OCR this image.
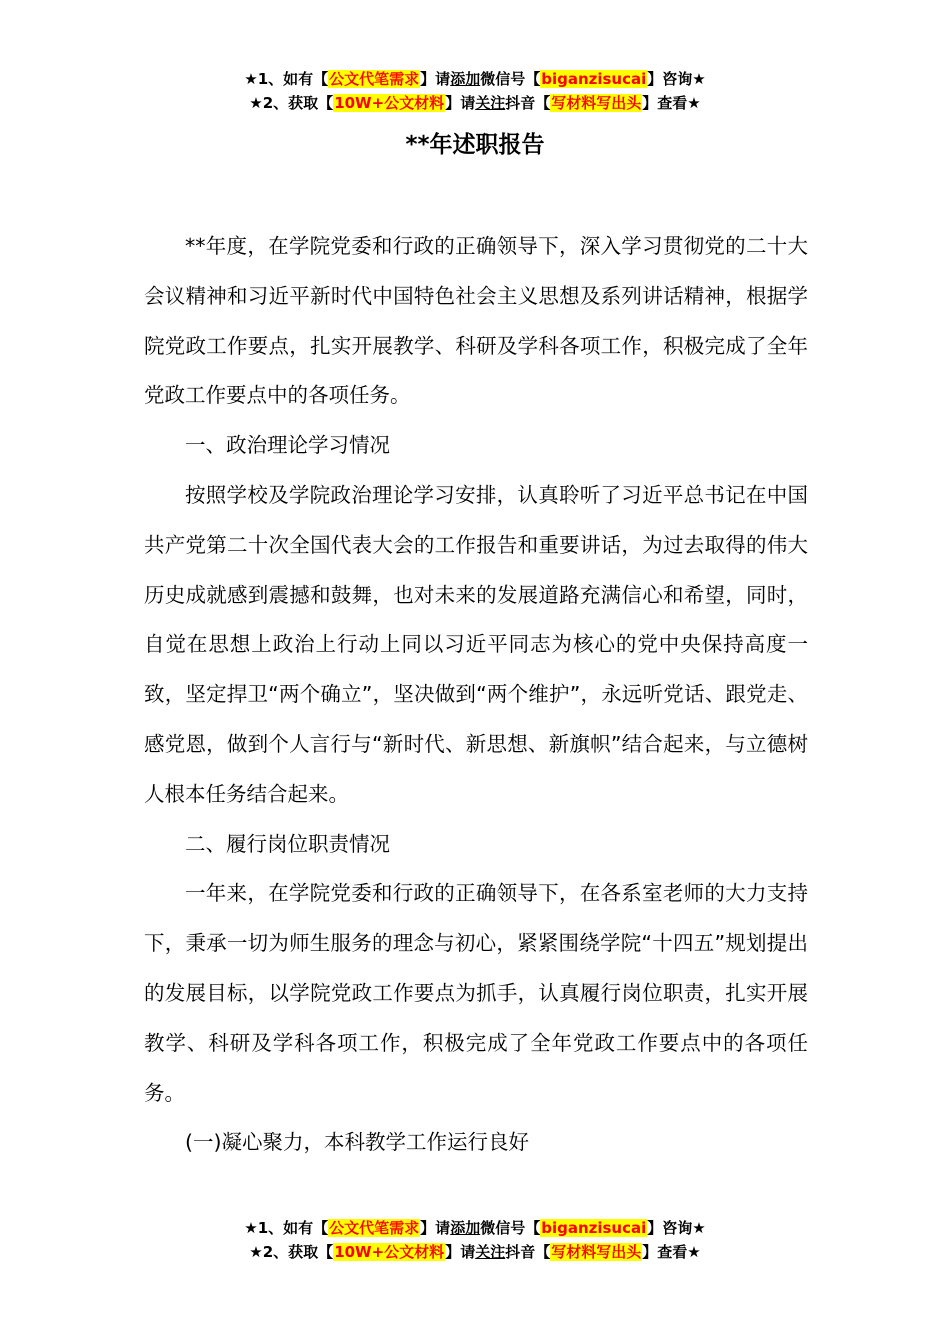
★1、如有【公文代笔需求】请添加微信号【biganzisucai】咨询★
★2、获取【10W+公文材料】请关注抖音【写材料写出头】查看★
**年述职报告

**年度，在学院党委和行政的正确领导下，深入学习贯彻党的二十大会议精神和习近平新时代中国特色社会主义思想及系列讲话精神，根据学院党政工作要点，扎实开展教学、科研及学科各项工作，积极完成了全年党政工作要点中的各项任务。

一、政治理论学习情况

按照学校及学院政治理论学习安排，认真聆听了习近平总书记在中国共产党第二十次全国代表大会的工作报告和重要讲话，为过去取得的伟大历史成就感到震撼和鼓舞，也对未来的发展道路充满信心和希望，同时，自觉在思想上政治上行动上同以习近平同志为核心的党中央保持高度一致，坚定捍卫“两个确立”，坚决做到“两个维护”，永远听党话、跟党走、感党恩，做到个人言行与“新时代、新思想、新旗帜”结合起来，与立德树人根本任务结合起来。

二、履行岗位职责情况

一年来，在学院党委和行政的正确领导下，在各系室老师的大力支持下，秉承一切为师生服务的理念与初心，紧紧围绕学院“十四五”规划提出的发展目标，以学院党政工作要点为抓手，认真履行岗位职责，扎实开展教学、科研及学科各项工作，积极完成了全年党政工作要点中的各项任务。

(一)凝心聚力，本科教学工作运行良好

★1、如有【公文代笔需求】请添加微信号【biganzisucai】咨询★
★2、获取【10W+公文材料】请关注抖音【写材料写出头】查看★
